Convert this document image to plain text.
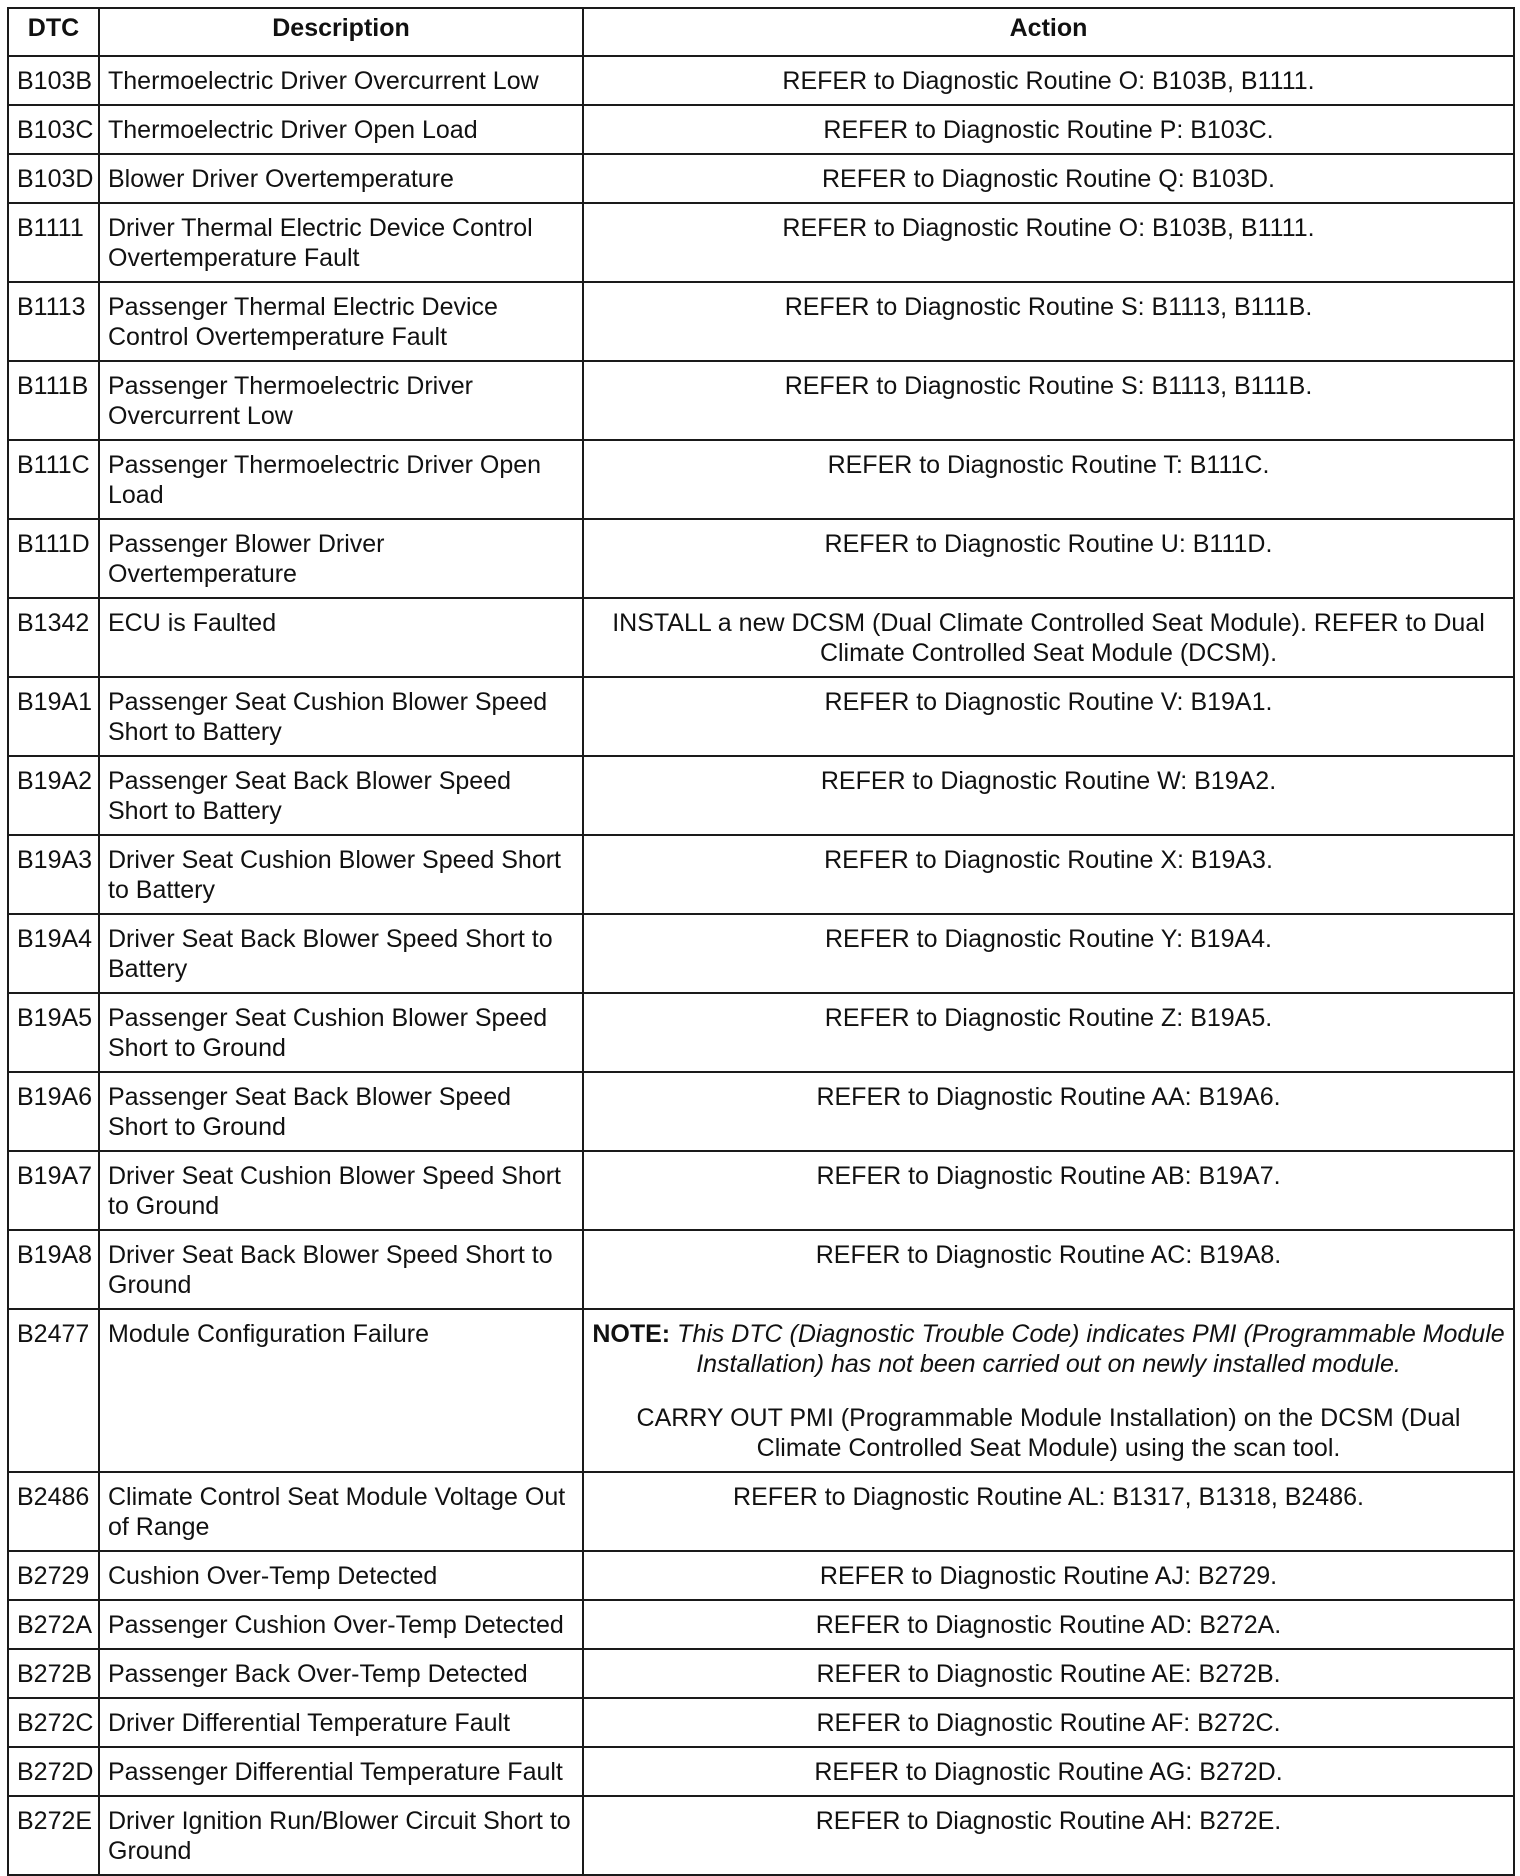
DTC	Description	Action
B103B	Thermoelectric Driver Overcurrent Low	REFER to Diagnostic Routine O: B103B, B1111.
B103C	Thermoelectric Driver Open Load	REFER to Diagnostic Routine P: B103C.
B103D	Blower Driver Overtemperature	REFER to Diagnostic Routine Q: B103D.
B1111	Driver Thermal Electric Device Control Overtemperature Fault	REFER to Diagnostic Routine O: B103B, B1111.
B1113	Passenger Thermal Electric Device Control Overtemperature Fault	REFER to Diagnostic Routine S: B1113, B111B.
B111B	Passenger Thermoelectric Driver Overcurrent Low	REFER to Diagnostic Routine S: B1113, B111B.
B111C	Passenger Thermoelectric Driver Open Load	REFER to Diagnostic Routine T: B111C.
B111D	Passenger Blower Driver Overtemperature	REFER to Diagnostic Routine U: B111D.
B1342	ECU is Faulted	INSTALL a new DCSM (Dual Climate Controlled Seat Module). REFER to Dual Climate Controlled Seat Module (DCSM).
B19A1	Passenger Seat Cushion Blower Speed Short to Battery	REFER to Diagnostic Routine V: B19A1.
B19A2	Passenger Seat Back Blower Speed Short to Battery	REFER to Diagnostic Routine W: B19A2.
B19A3	Driver Seat Cushion Blower Speed Short to Battery	REFER to Diagnostic Routine X: B19A3.
B19A4	Driver Seat Back Blower Speed Short to Battery	REFER to Diagnostic Routine Y: B19A4.
B19A5	Passenger Seat Cushion Blower Speed Short to Ground	REFER to Diagnostic Routine Z: B19A5.
B19A6	Passenger Seat Back Blower Speed Short to Ground	REFER to Diagnostic Routine AA: B19A6.
B19A7	Driver Seat Cushion Blower Speed Short to Ground	REFER to Diagnostic Routine AB: B19A7.
B19A8	Driver Seat Back Blower Speed Short to Ground	REFER to Diagnostic Routine AC: B19A8.
B2477	Module Configuration Failure	NOTE: This DTC (Diagnostic Trouble Code) indicates PMI (Programmable Module Installation) has not been carried out on newly installed module.
CARRY OUT PMI (Programmable Module Installation) on the DCSM (Dual Climate Controlled Seat Module) using the scan tool.

B2486	Climate Control Seat Module Voltage Out of Range	REFER to Diagnostic Routine AL: B1317, B1318, B2486.
B2729	Cushion Over-Temp Detected	REFER to Diagnostic Routine AJ: B2729.
B272A	Passenger Cushion Over-Temp Detected	REFER to Diagnostic Routine AD: B272A.
B272B	Passenger Back Over-Temp Detected	REFER to Diagnostic Routine AE: B272B.
B272C	Driver Differential Temperature Fault	REFER to Diagnostic Routine AF: B272C.
B272D	Passenger Differential Temperature Fault	REFER to Diagnostic Routine AG: B272D.
B272E	Driver Ignition Run/Blower Circuit Short to Ground	REFER to Diagnostic Routine AH: B272E.
